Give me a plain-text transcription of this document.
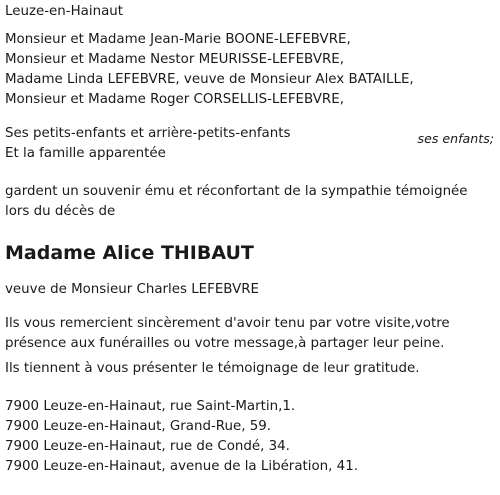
Leuze-en-Hainaut
Monsieur et Madame Jean-Marie BOONE-LEFEBVRE,
Monsieur et Madame Nestor MEURISSE-LEFEBVRE,
Madame Linda LEFEBVRE, veuve de Monsieur Alex BATAILLE,
Monsieur et Madame Roger CORSELLIS-LEFEBVRE,
ses enfants;
Ses petits-enfants et arrière-petits-enfants
Et la famille apparentée
gardent un souvenir ému et réconfortant de la sympathie témoignée
lors du décès de
Madame Alice THIBAUT
veuve de Monsieur Charles LEFEBVRE
Ils vous remercient sincèrement d'avoir tenu par votre visite,votre
présence aux funérailles ou votre message,à partager leur peine.
Ils tiennent à vous présenter le témoignage de leur gratitude.
7900 Leuze-en-Hainaut, rue Saint-Martin,1.
7900 Leuze-en-Hainaut, Grand-Rue, 59.
7900 Leuze-en-Hainaut, rue de Condé, 34.
7900 Leuze-en-Hainaut, avenue de la Libération, 41.
